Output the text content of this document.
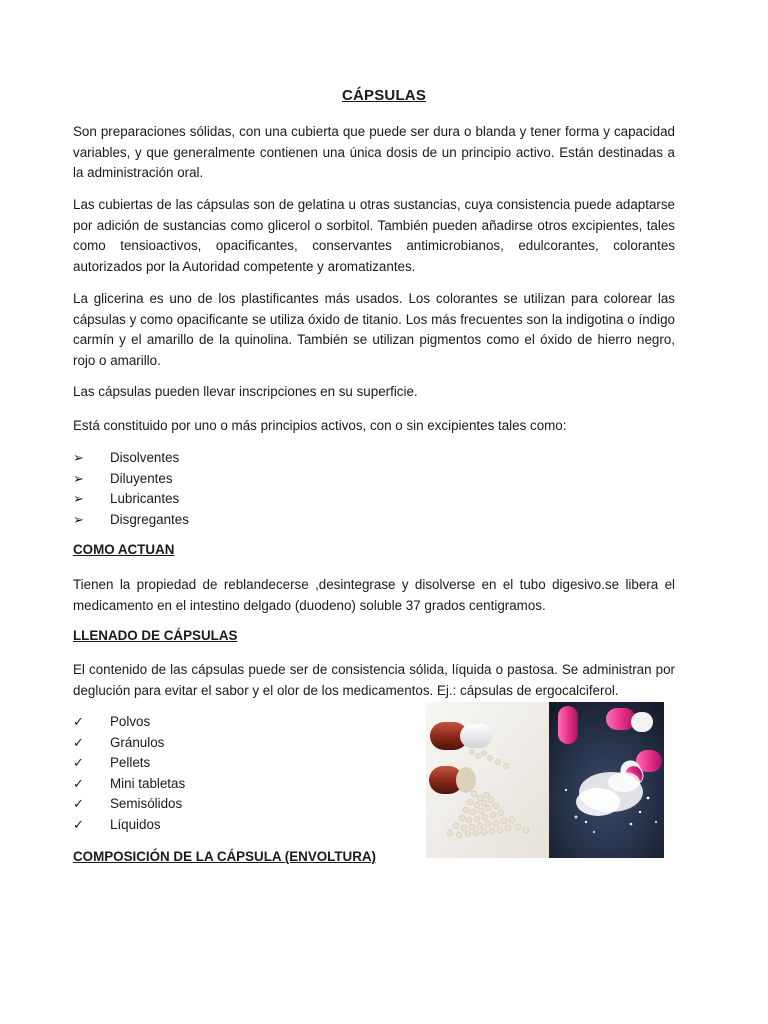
CÁPSULAS

Son preparaciones sólidas, con una cubierta que puede ser dura o blanda y tener forma y capacidad variables, y que generalmente contienen una única dosis de un principio activo. Están destinadas a la administración oral.

Las cubiertas de las cápsulas son de gelatina u otras sustancias, cuya consistencia puede adaptarse por adición de sustancias como glicerol o sorbitol. También pueden añadirse otros excipientes, tales como tensioactivos, opacificantes, conservantes antimicrobianos, edulcorantes, colorantes autorizados por la Autoridad competente y aromatizantes.

La glicerina es uno de los plastificantes más usados. Los colorantes se utilizan para colorear las cápsulas y como opacificante se utiliza óxido de titanio. Los más frecuentes son la indigotina o índigo carmín y el amarillo de la quinolina. También se utilizan pigmentos como el óxido de hierro negro, rojo o amarillo.

Las cápsulas pueden llevar inscripciones en su superficie.

Está constituido por uno o más principios activos, con o sin excipientes tales como:

➢	Disolventes
➢	Diluyentes
➢	Lubricantes
➢	Disgregantes

COMO ACTUAN

Tienen la propiedad de reblandecerse ,desintegrase y disolverse en el tubo digesivo.se libera el medicamento en el intestino delgado (duodeno) soluble 37 grados centigramos.

LLENADO DE CÁPSULAS

El contenido de las cápsulas puede ser de consistencia sólida, líquida o pastosa. Se administran por deglución para evitar el sabor y el olor de los medicamentos. Ej.: cápsulas de ergocalciferol.

✓	Polvos
✓	Gránulos
✓	Pellets
✓	Mini tabletas
✓	Semisólidos
✓	Líquidos

COMPOSICIÓN DE LA CÁPSULA (ENVOLTURA)
